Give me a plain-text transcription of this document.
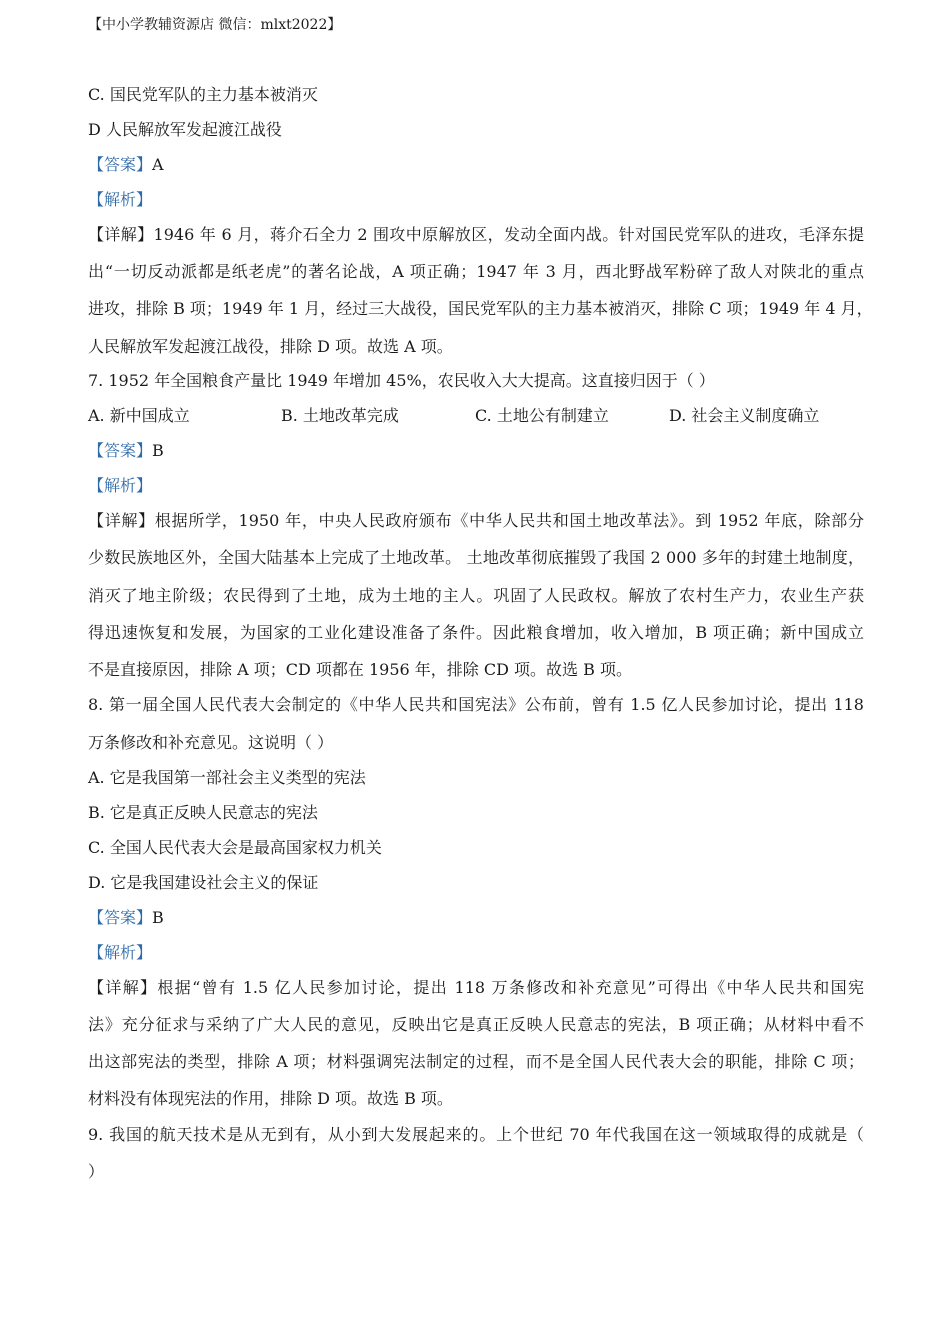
【中小学教辅资源店 微信：mlxt2022】
C. 国民党军队的主力基本被消灭
D 人民解放军发起渡江战役
【答案】A
【解析】
【详解】1946 年 6 月，蒋介石全力 2 围攻中原解放区，发动全面内战。针对国民党军队的进攻，毛泽东提
出“一切反动派都是纸老虎”的著名论战，A 项正确；1947 年 3 月，西北野战军粉碎了敌人对陕北的重点
进攻，排除 B 项；1949 年 1 月，经过三大战役，国民党军队的主力基本被消灭，排除 C 项；1949 年 4 月，
人民解放军发起渡江战役，排除 D 项。故选 A 项。
7. 1952 年全国粮食产量比 1949 年增加 45%，农民收入大大提高。这直接归因于（ ）
A. 新中国成立	B. 土地改革完成	C. 土地公有制建立	D. 社会主义制度确立
【答案】B
【解析】
【详解】根据所学，1950 年，中央人民政府颁布《中华人民共和国土地改革法》。到 1952 年底，除部分
少数民族地区外，全国大陆基本上完成了土地改革。 土地改革彻底摧毁了我国 2 000 多年的封建土地制度，
消灭了地主阶级；农民得到了土地，成为土地的主人。巩固了人民政权。解放了农村生产力，农业生产获
得迅速恢复和发展，为国家的工业化建设准备了条件。因此粮食增加，收入增加，B 项正确；新中国成立
不是直接原因，排除 A 项；CD 项都在 1956 年，排除 CD 项。故选 B 项。
8. 第一届全国人民代表大会制定的《中华人民共和国宪法》公布前，曾有 1.5 亿人民参加讨论，提出 118
万条修改和补充意见。这说明（ ）
A. 它是我国第一部社会主义类型的宪法
B. 它是真正反映人民意志的宪法
C. 全国人民代表大会是最高国家权力机关
D. 它是我国建设社会主义的保证
【答案】B
【解析】
【详解】根据“曾有 1.5 亿人民参加讨论，提出 118 万条修改和补充意见”可得出《中华人民共和国宪
法》充分征求与采纳了广大人民的意见，反映出它是真正反映人民意志的宪法，B 项正确；从材料中看不
出这部宪法的类型，排除 A 项；材料强调宪法制定的过程，而不是全国人民代表大会的职能，排除 C 项；
材料没有体现宪法的作用，排除 D 项。故选 B 项。
9. 我国的航天技术是从无到有，从小到大发展起来的。上个世纪 70 年代我国在这一领域取得的成就是（
）
